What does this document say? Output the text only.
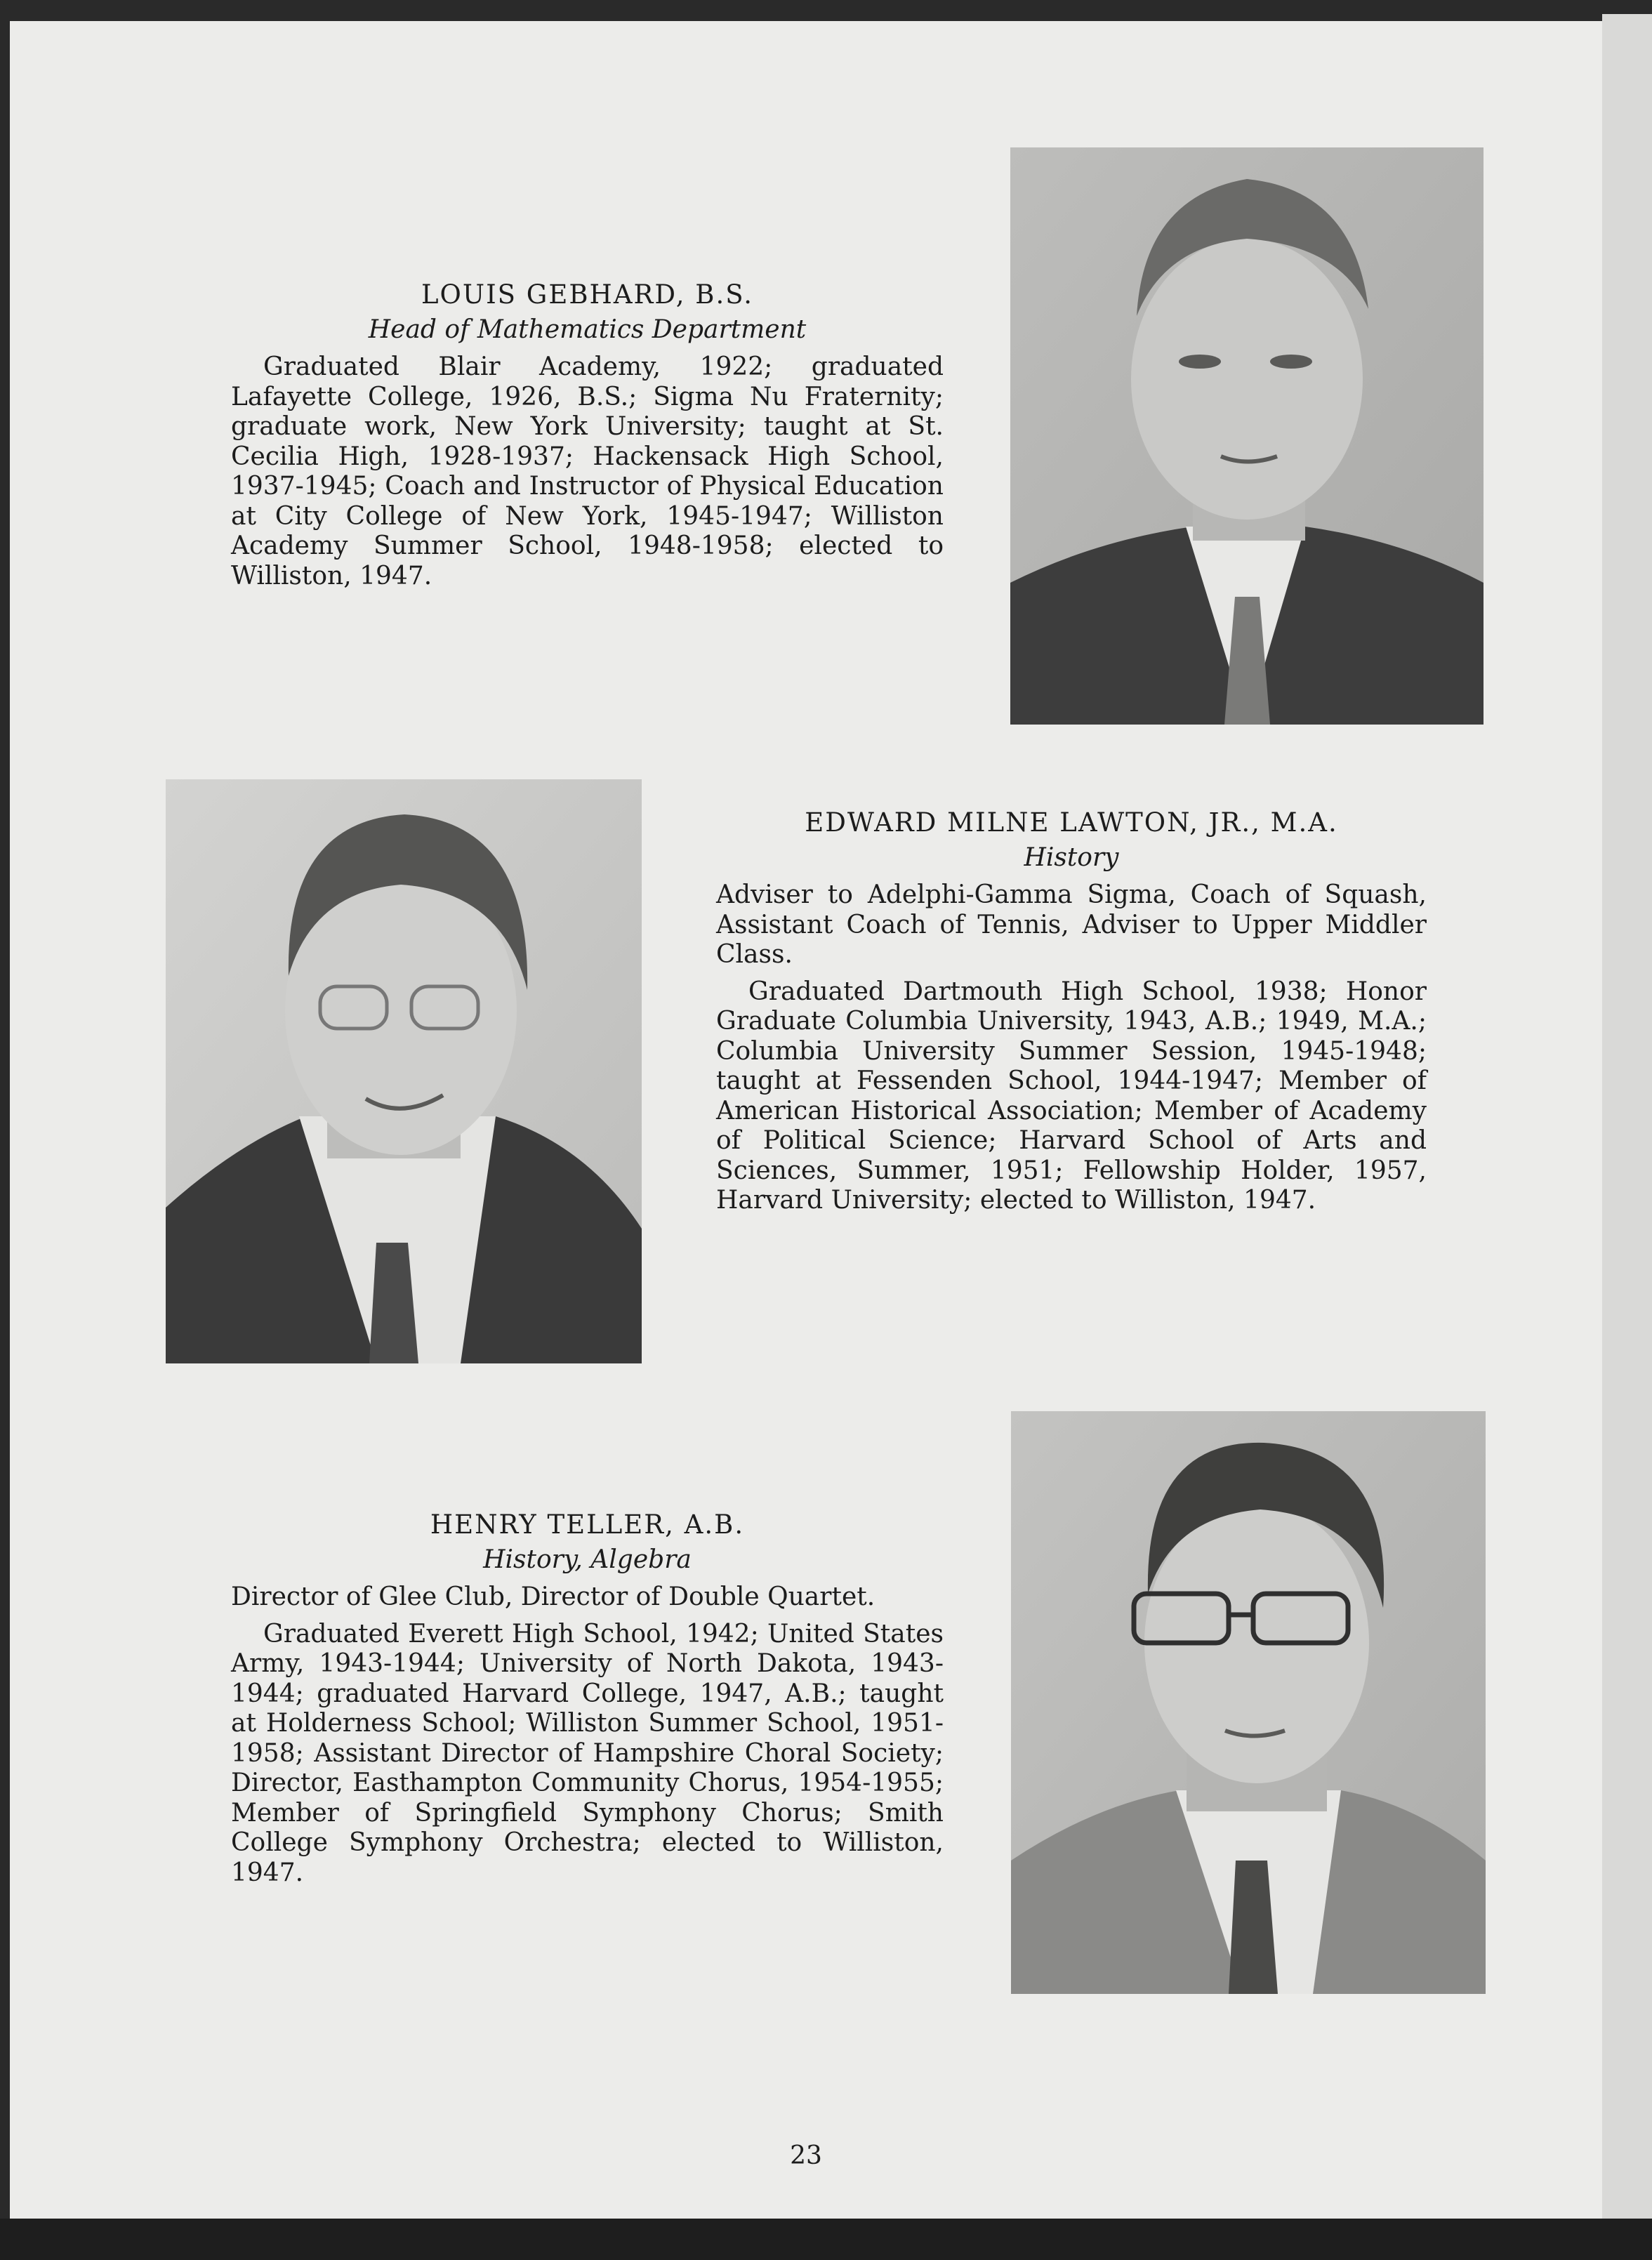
LOUIS GEBHARD, B.S.

Head of Mathematics Department

Graduated Blair Academy, 1922; graduated Lafayette College, 1926, B.S.; Sigma Nu Fraternity; graduate work, New York University; taught at St. Cecilia High, 1928-1937; Hackensack High School, 1937-1945; Coach and Instructor of Physical Education at City College of New York, 1945-1947; Williston Academy Summer School, 1948-1958; elected to Williston, 1947.

EDWARD MILNE LAWTON, JR., M.A.

History

Adviser to Adelphi-Gamma Sigma, Coach of Squash, Assistant Coach of Tennis, Adviser to Upper Middler Class.

Graduated Dartmouth High School, 1938; Honor Graduate Columbia University, 1943, A.B.; 1949, M.A.; Columbia University Summer Session, 1945-1948; taught at Fessenden School, 1944-1947; Member of American Historical Association; Member of Academy of Political Science; Harvard School of Arts and Sciences, Summer, 1951; Fellowship Holder, 1957, Harvard University; elected to Williston, 1947.

HENRY TELLER, A.B.

History, Algebra

Director of Glee Club, Director of Double Quartet.

Graduated Everett High School, 1942; United States Army, 1943-1944; University of North Dakota, 1943-1944; graduated Harvard College, 1947, A.B.; taught at Holderness School; Williston Summer School, 1951-1958; Assistant Director of Hampshire Choral Society; Director, Easthampton Community Chorus, 1954-1955; Member of Springfield Symphony Chorus; Smith College Symphony Orchestra; elected to Williston, 1947.

23
